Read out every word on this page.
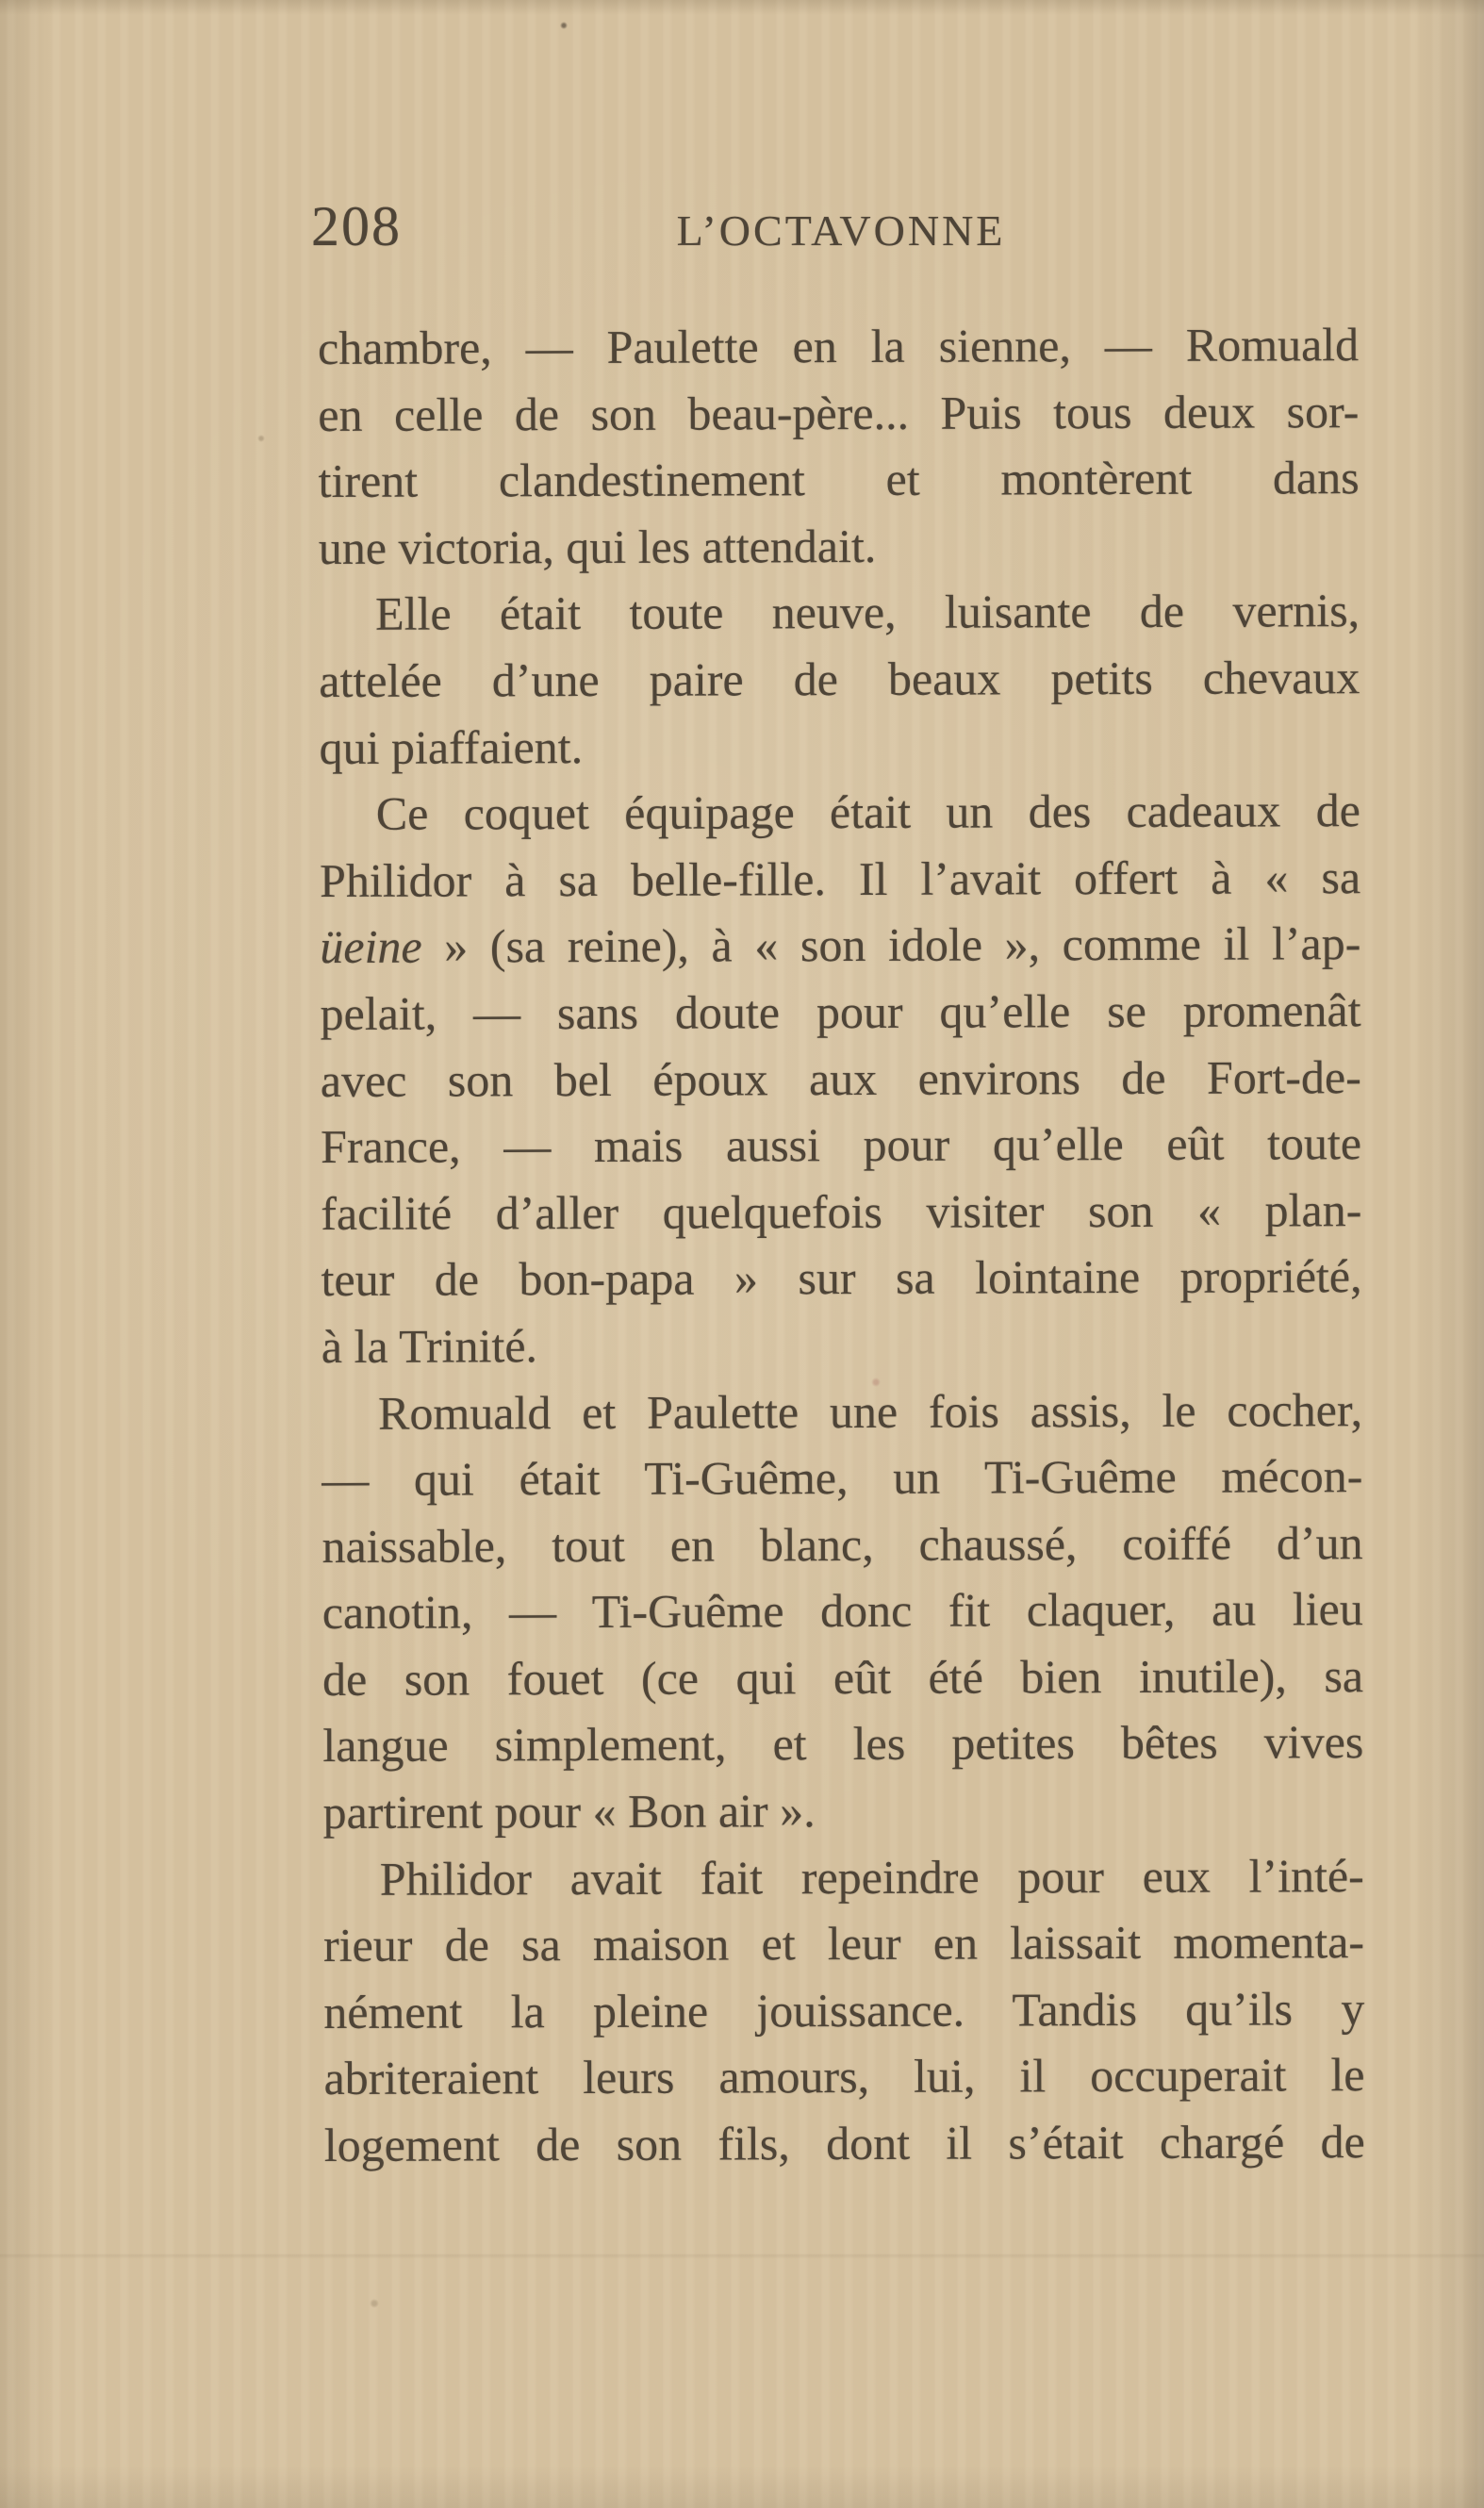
208	L’OCTAVONNE
chambre, — Paulette en la sienne, — Romuald
en celle de son beau-père... Puis tous deux sor-
tirent clandestinement et montèrent dans
une victoria, qui les attendait.
Elle était toute neuve, luisante de vernis,
attelée d’une paire de beaux petits chevaux
qui piaffaient.
Ce coquet équipage était un des cadeaux de
Philidor à sa belle-fille. Il l’avait offert à « sa
üeine » (sa reine), à « son idole », comme il l’ap-
pelait, — sans doute pour qu’elle se promenât
avec son bel époux aux environs de Fort-de-
France, — mais aussi pour qu’elle eût toute
facilité d’aller quelquefois visiter son « plan-
teur de bon-papa » sur sa lointaine propriété,
à la Trinité.
Romuald et Paulette une fois assis, le cocher,
— qui était Ti-Guême, un Ti-Guême mécon-
naissable, tout en blanc, chaussé, coiffé d’un
canotin, — Ti-Guême donc fit claquer, au lieu
de son fouet (ce qui eût été bien inutile), sa
langue simplement, et les petites bêtes vives
partirent pour « Bon air ».
Philidor avait fait repeindre pour eux l’inté-
rieur de sa maison et leur en laissait momenta-
nément la pleine jouissance. Tandis qu’ils y
abriteraient leurs amours, lui, il occuperait le
logement de son fils, dont il s’était chargé de
